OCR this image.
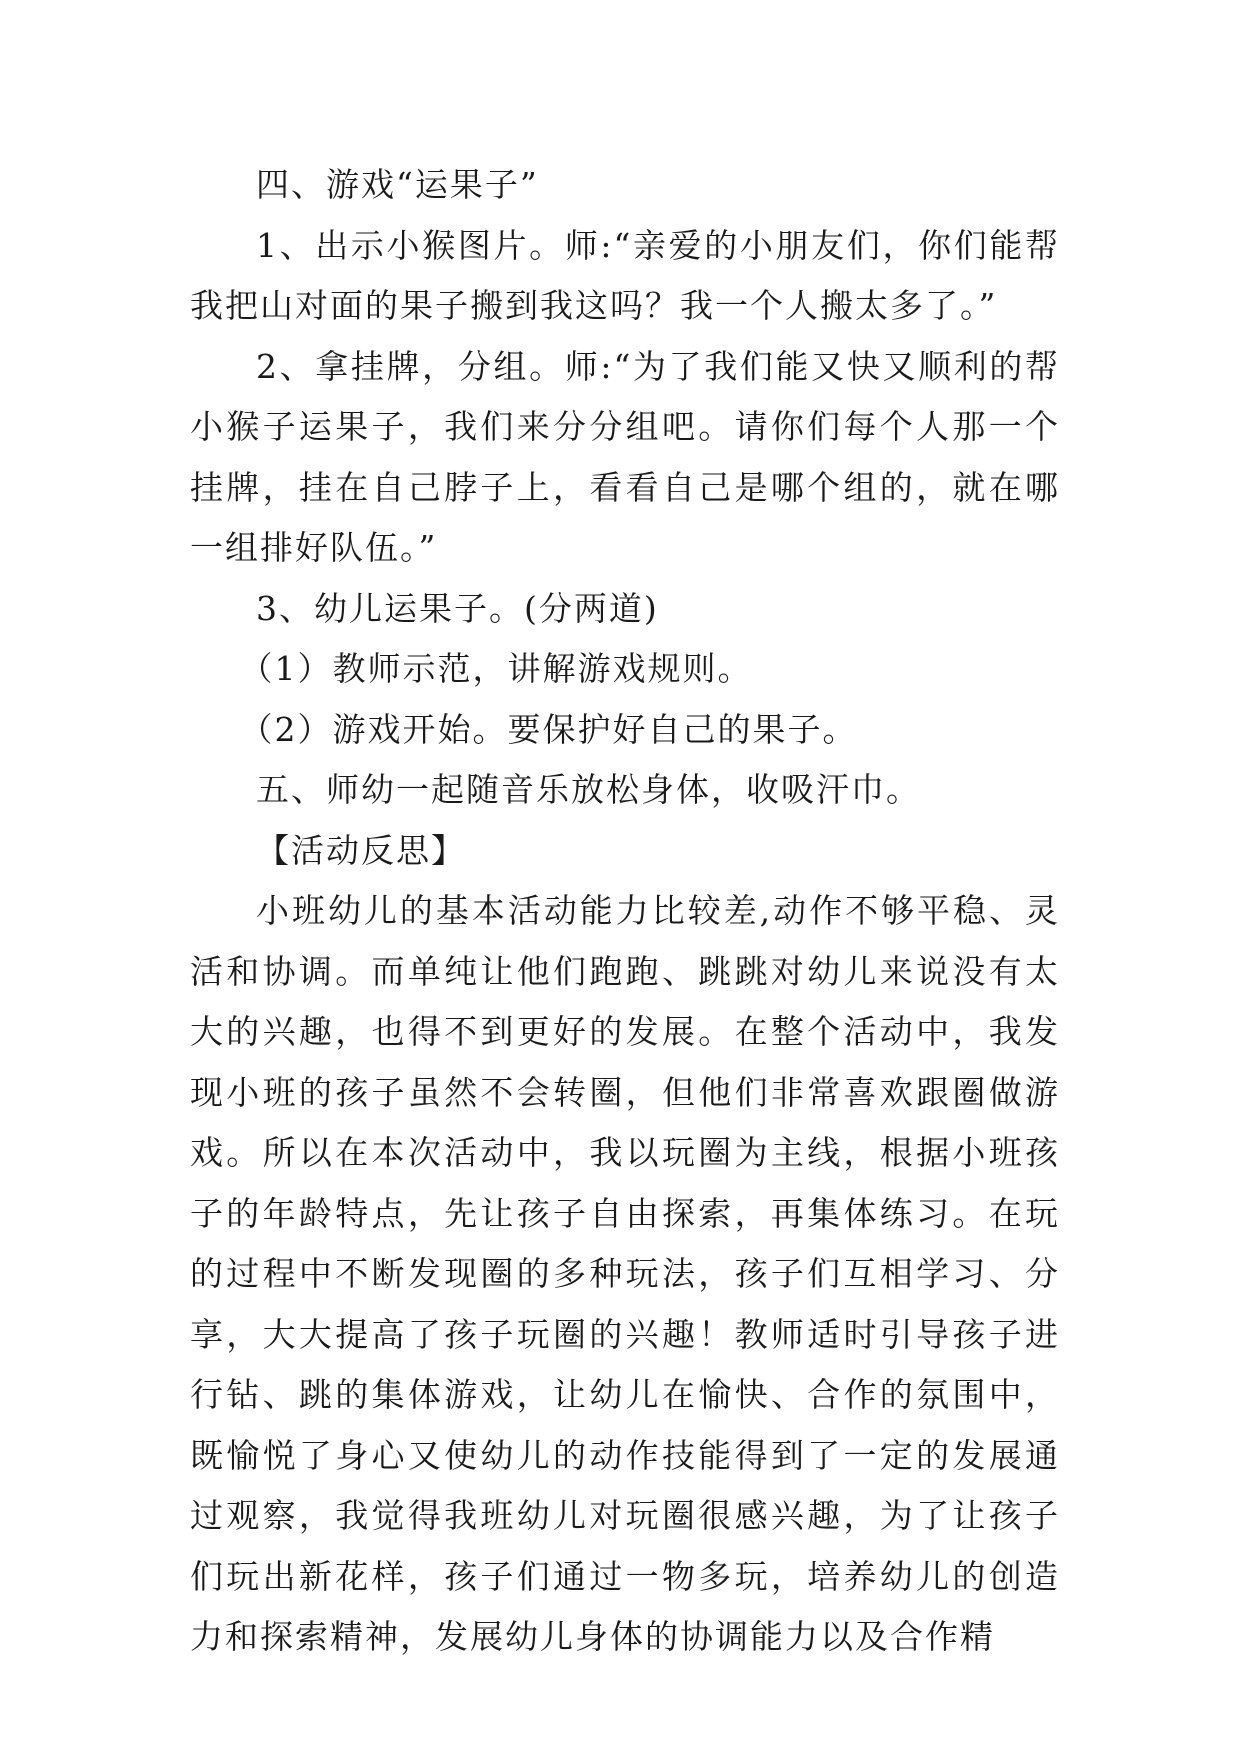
四、游戏“运果子”

1、出示小猴图片。师:“亲爱的小朋友们，你们能帮我把山对面的果子搬到我这吗？我一个人搬太多了。”

2、拿挂牌，分组。师:“为了我们能又快又顺利的帮小猴子运果子，我们来分分组吧。请你们每个人那一个挂牌，挂在自己脖子上，看看自己是哪个组的，就在哪一组排好队伍。”

3、幼儿运果子。(分两道)

（1）教师示范，讲解游戏规则。

（2）游戏开始。要保护好自己的果子。

五、师幼一起随音乐放松身体，收吸汗巾。

【活动反思】

小班幼儿的基本活动能力比较差,动作不够平稳、灵活和协调。而单纯让他们跑跑、跳跳对幼儿来说没有太大的兴趣，也得不到更好的发展。在整个活动中，我发现小班的孩子虽然不会转圈，但他们非常喜欢跟圈做游戏。所以在本次活动中，我以玩圈为主线，根据小班孩子的年龄特点，先让孩子自由探索，再集体练习。在玩的过程中不断发现圈的多种玩法，孩子们互相学习、分享，大大提高了孩子玩圈的兴趣！教师适时引导孩子进行钻、跳的集体游戏，让幼儿在愉快、合作的氛围中，既愉悦了身心又使幼儿的动作技能得到了一定的发展通过观察，我觉得我班幼儿对玩圈很感兴趣，为了让孩子们玩出新花样，孩子们通过一物多玩，培养幼儿的创造力和探索精神，发展幼儿身体的协调能力以及合作精
